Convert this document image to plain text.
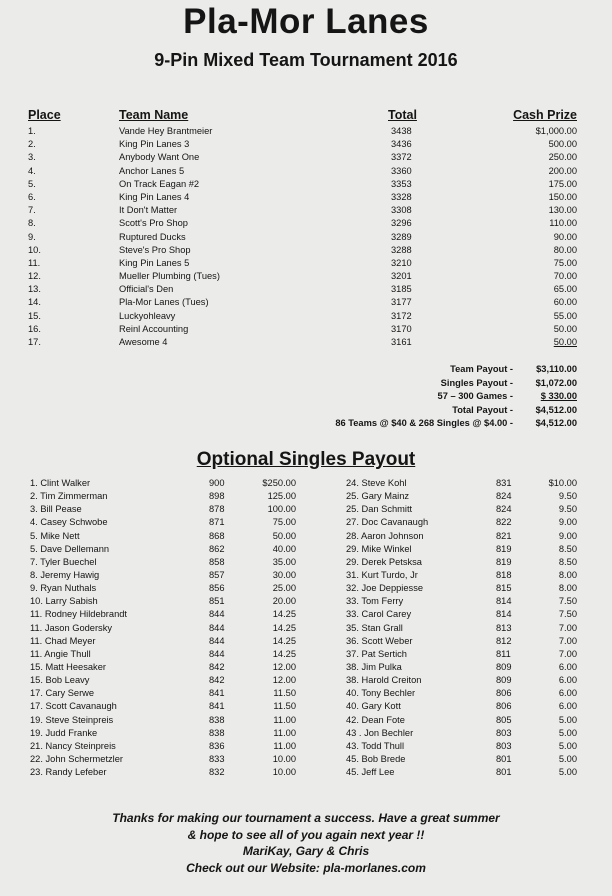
Pla-Mor Lanes
9-Pin Mixed Team Tournament 2016
Place	Team Name	Total	Cash Prize
1.	Vande Hey Brantmeier	3438	$1,000.00
2.	King Pin Lanes 3	3436	500.00
3.	Anybody Want One	3372	250.00
4.	Anchor Lanes 5	3360	200.00
5.	On Track Eagan #2	3353	175.00
6.	King Pin Lanes 4	3328	150.00
7.	It Don't Matter	3308	130.00
8.	Scott's Pro Shop	3296	110.00
9.	Ruptured Ducks	3289	90.00
10.	Steve's Pro Shop	3288	80.00
11.	King Pin Lanes 5	3210	75.00
12.	Mueller Plumbing (Tues)	3201	70.00
13.	Official's Den	3185	65.00
14.	Pla-Mor Lanes (Tues)	3177	60.00
15.	Luckyohleavy	3172	55.00
16.	Reinl Accounting	3170	50.00
17.	Awesome 4	3161	50.00
Team Payout -	$3,110.00
Singles Payout -	$1,072.00
57 – 300 Games -	$ 330.00
Total Payout -	$4,512.00
86 Teams @ $40 & 268 Singles @ $4.00 -	$4,512.00
Optional Singles Payout
1. Clint Walker	900	$250.00
2. Tim Zimmerman	898	125.00
3. Bill Pease	878	100.00
4. Casey Schwobe	871	75.00
5. Mike Nett	868	50.00
5. Dave Dellemann	862	40.00
7. Tyler Buechel	858	35.00
8. Jeremy Hawig	857	30.00
9. Ryan Nuthals	856	25.00
10. Larry Sabish	851	20.00
11. Rodney Hildebrandt	844	14.25
11. Jason Godersky	844	14.25
11. Chad Meyer	844	14.25
11. Angie Thull	844	14.25
15. Matt Heesaker	842	12.00
15. Bob Leavy	842	12.00
17. Cary Serwe	841	11.50
17. Scott Cavanaugh	841	11.50
19. Steve Steinpreis	838	11.00
19. Judd Franke	838	11.00
21. Nancy Steinpreis	836	11.00
22. John Schermetzler	833	10.00
23. Randy Lefeber	832	10.00
24. Steve Kohl	831	$10.00
25. Gary Mainz	824	9.50
25. Dan Schmitt	824	9.50
27. Doc Cavanaugh	822	9.00
28. Aaron Johnson	821	9.00
29. Mike Winkel	819	8.50
29. Derek Petsksa	819	8.50
31. Kurt Turdo, Jr	818	8.00
32. Joe Deppiesse	815	8.00
33. Tom Ferry	814	7.50
33. Carol Carey	814	7.50
35. Stan Grall	813	7.00
36. Scott Weber	812	7.00
37. Pat Sertich	811	7.00
38. Jim Pulka	809	6.00
38. Harold Creiton	809	6.00
40. Tony Bechler	806	6.00
40. Gary Kott	806	6.00
42. Dean Fote	805	5.00
43 . Jon Bechler	803	5.00
43. Todd Thull	803	5.00
45. Bob Brede	801	5.00
45. Jeff Lee	801	5.00
Thanks for making our tournament a success. Have a great summer
& hope to see all of you again next year !!
MariKay, Gary & Chris
Check out our Website: pla-morlanes.com
